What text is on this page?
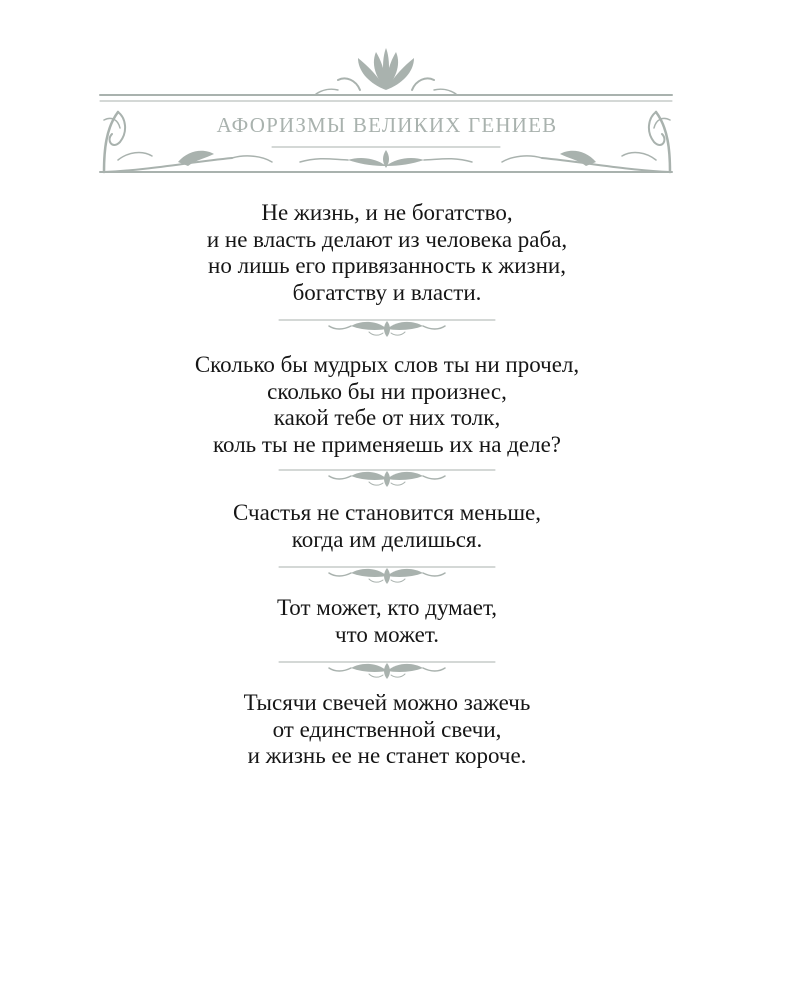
АФОРИЗМЫ ВЕЛИКИХ ГЕНИЕВ
Не жизнь, и не богатство,
и не власть делают из человека раба,
но лишь его привязанность к жизни,
богатству и власти.
Сколько бы мудрых слов ты ни прочел,
сколько бы ни произнес,
какой тебе от них толк,
коль ты не применяешь их на деле?
Счастья не становится меньше,
когда им делишься.
Тот может, кто думает,
что может.
Тысячи свечей можно зажечь
от единственной свечи,
и жизнь ее не станет короче.
